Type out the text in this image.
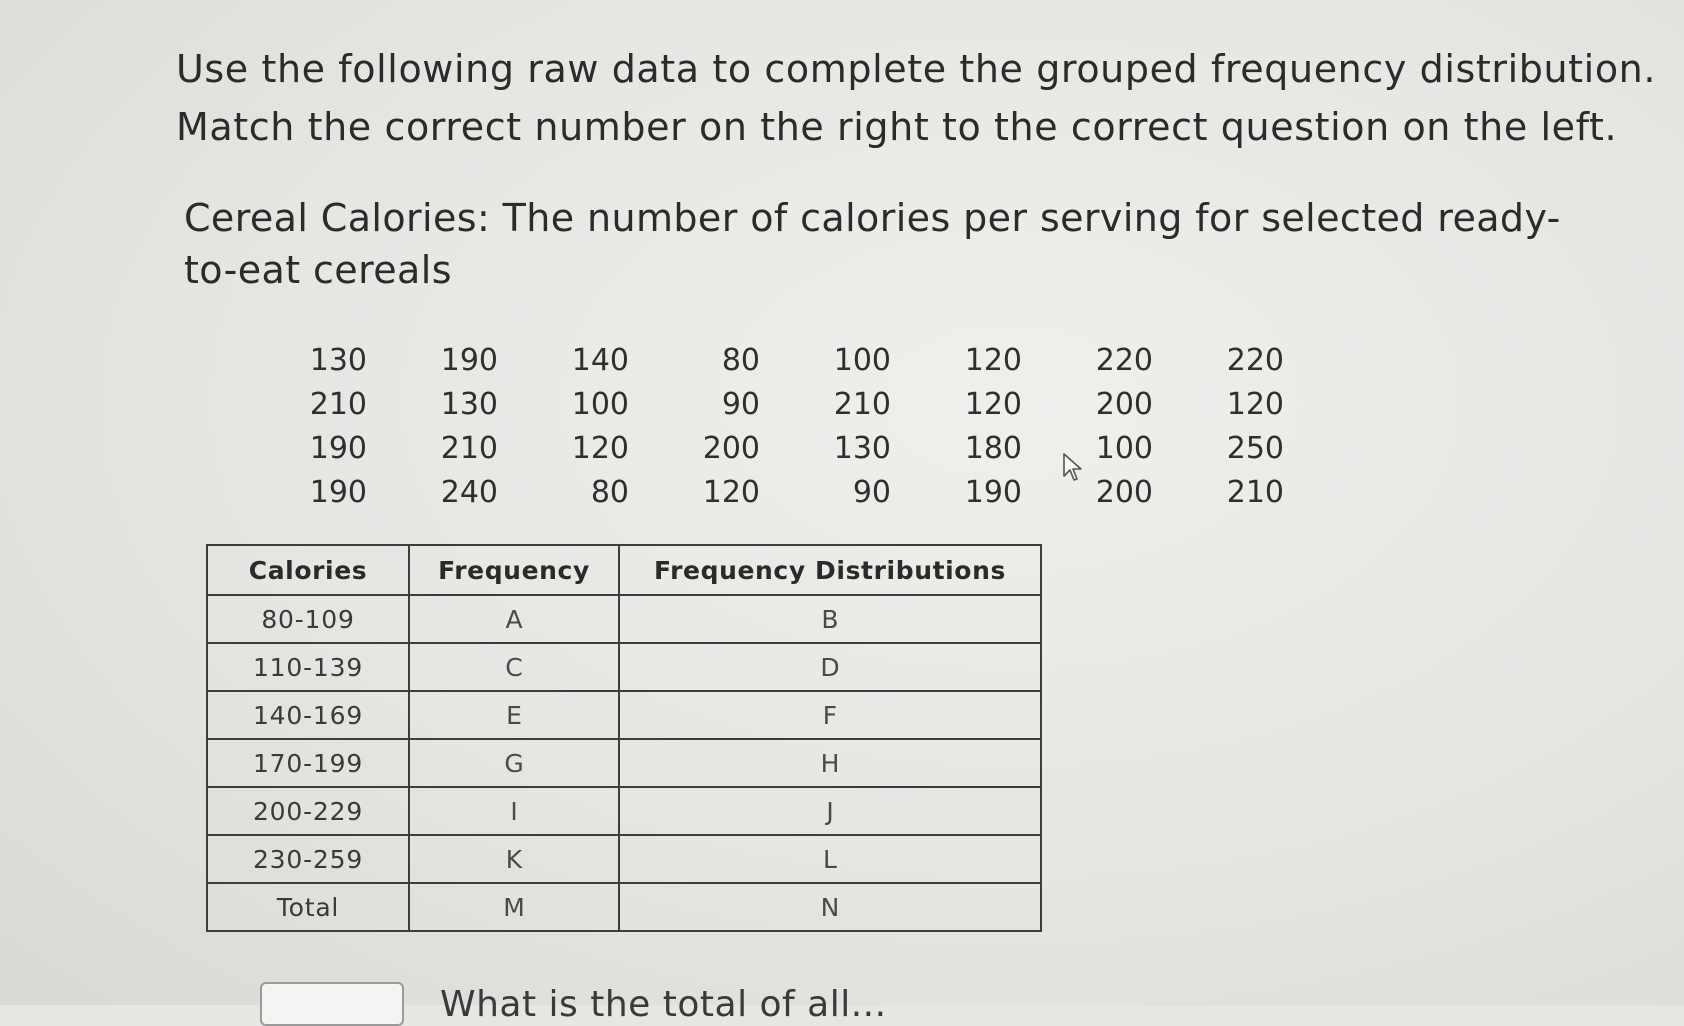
Use the following raw data to complete the grouped frequency distribution.

Match the correct number on the right to the correct question on the left.

Cereal Calories: The number of calories per serving for selected ready-to-eat cereals
130	190	140	80	100	120	220	220
210	130	100	90	210	120	200	120
190	210	120	200	130	180	100	250
190	240	80	120	90	190	200	210
Calories	Frequency	Frequency Distributions
80-109	A	B
110-139	C	D
140-169	E	F
170-199	G	H
200-229	I	J
230-259	K	L
Total	M	N
What is the total of all...
